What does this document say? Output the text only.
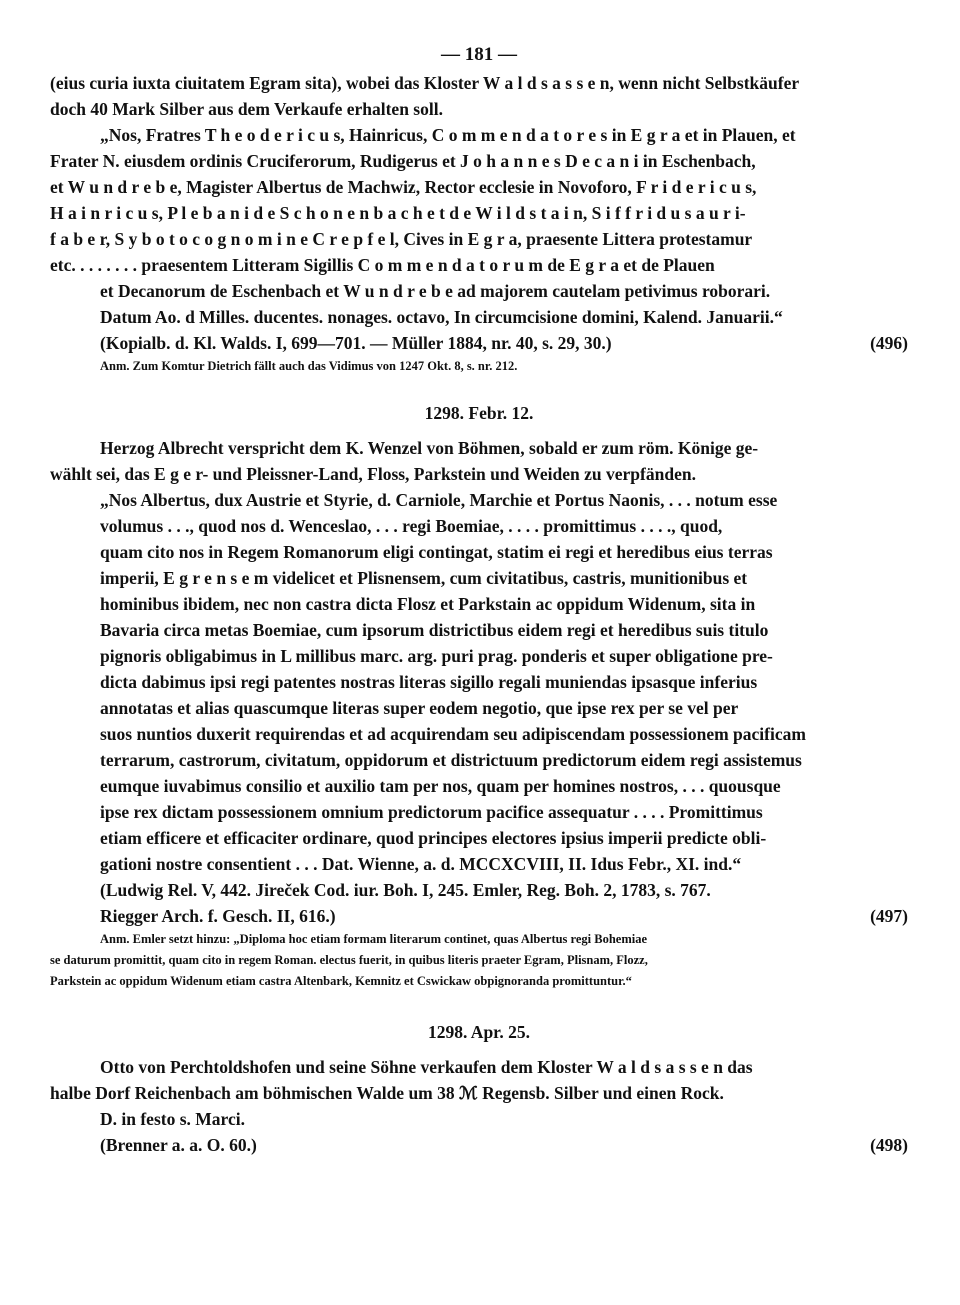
— 181 —
(eius curia iuxta ciuitatem Egram sita), wobei das Kloster W a l d s a s s e n, wenn nicht Selbstkäufer
doch 40 Mark Silber aus dem Verkaufe erhalten soll.
„Nos, Fratres T h e o d e r i c u s, Hainricus, C o m m e n d a t o r e s in E g r a et in Plauen, et
Frater N. eiusdem ordinis Cruciferorum, Rudigerus et J o h a n n e s D e c a n i in Eschenbach,
et W u n d r e b e, Magister Albertus de Machwiz, Rector ecclesie in Novoforo, F r i d e r i c u s,
H a i n r i c u s, P l e b a n i d e S c h o n e n b a c h e t d e W i l d s t a i n, S i f f r i d u s a u r i-
f a b e r, S y b o t o c o g n o m i n e C r e p f e l, Cives in E g r a, praesente Littera protestamur
etc. . . . . . . . praesentem Litteram Sigillis C o m m e n d a t o r u m de E g r a et de Plauen
et Decanorum de Eschenbach et W u n d r e b e ad majorem cautelam petivimus roborari.
Datum Ao. d Milles. ducentes. nonages. octavo, In circumcisione domini, Kalend. Januarii.“
(Kopialb. d. Kl. Walds. I, 699—701. — Müller 1884, nr. 40, s. 29, 30.)	(496)
Anm. Zum Komtur Dietrich fällt auch das Vidimus von 1247 Okt. 8, s. nr. 212.
1298. Febr. 12.
Herzog Albrecht verspricht dem K. Wenzel von Böhmen, sobald er zum röm. Könige ge-
wählt sei, das E g e r- und Pleissner-Land, Floss, Parkstein und Weiden zu verpfänden.
„Nos Albertus, dux Austrie et Styrie, d. Carniole, Marchie et Portus Naonis, . . . notum esse
volumus . . ., quod nos d. Wenceslao, . . . regi Boemiae, . . . . promittimus . . . ., quod,
quam cito nos in Regem Romanorum eligi contingat, statim ei regi et heredibus eius terras
imperii, E g r e n s e m videlicet et Plisnensem, cum civitatibus, castris, munitionibus et
hominibus ibidem, nec non castra dicta Flosz et Parkstain ac oppidum Widenum, sita in
Bavaria circa metas Boemiae, cum ipsorum districtibus eidem regi et heredibus suis titulo
pignoris obligabimus in L millibus marc. arg. puri prag. ponderis et super obligatione pre-
dicta dabimus ipsi regi patentes nostras literas sigillo regali muniendas ipsasque inferius
annotatas et alias quascumque literas super eodem negotio, que ipse rex per se vel per
suos nuntios duxerit requirendas et ad acquirendam seu adipiscendam possessionem pacificam
terrarum, castrorum, civitatum, oppidorum et districtuum predictorum eidem regi assistemus
eumque iuvabimus consilio et auxilio tam per nos, quam per homines nostros, . . . quousque
ipse rex dictam possessionem omnium predictorum pacifice assequatur . . . . Promittimus
etiam efficere et efficaciter ordinare, quod principes electores ipsius imperii predicte obli-
gationi nostre consentient . . . Dat. Wienne, a. d. MCCXCVIII, II. Idus Febr., XI. ind.“
(Ludwig Rel. V, 442. Jireček Cod. iur. Boh. I, 245. Emler, Reg. Boh. 2, 1783, s. 767.
Riegger Arch. f. Gesch. II, 616.)	(497)
Anm. Emler setzt hinzu: „Diploma hoc etiam formam literarum continet, quas Albertus regi Bohemiae
se daturum promittit, quam cito in regem Roman. electus fuerit, in quibus literis praeter Egram, Plisnam, Flozz,
Parkstein ac oppidum Widenum etiam castra Altenbark, Kemnitz et Cswickaw obpignoranda promittuntur.“
1298. Apr. 25.
Otto von Perchtoldshofen und seine Söhne verkaufen dem Kloster W a l d s a s s e n das
halbe Dorf Reichenbach am böhmischen Walde um 38 ℳ Regensb. Silber und einen Rock.
D. in festo s. Marci.
(Brenner a. a. O. 60.)	(498)
